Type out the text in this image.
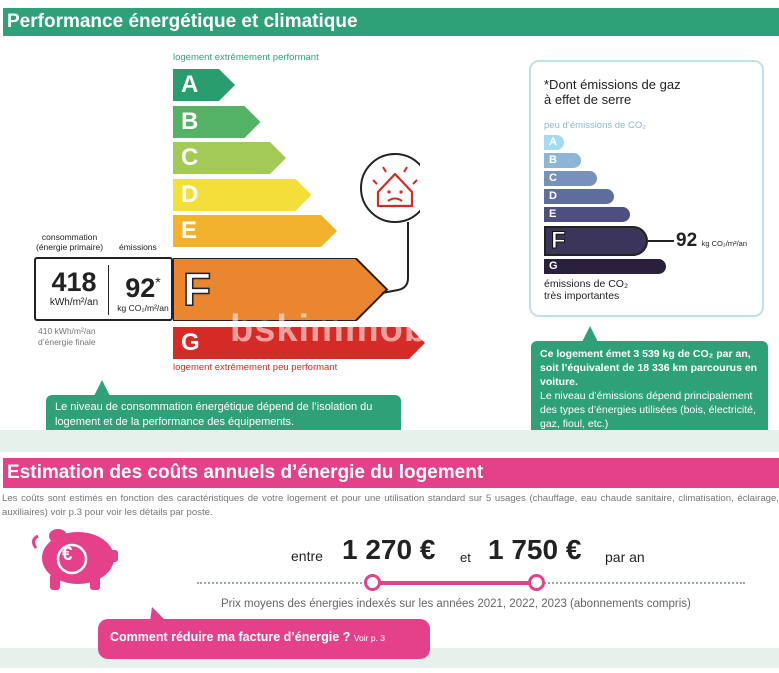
Performance énergétique et climatique
logement extrêmement performant
A
B
C
D
E
F
G
logement extrêmement peu performant
consommation
(énergie primaire) émissions
418
kWh/m²/an	92*
kg CO₂/m²/an
410 kWh/m²/an
d’énergie finale	bskimmobilier
Le niveau de consommation énergétique dépend de l’isolation du logement et de la performance des équipements.

*Dont émissions de gaz
à effet de serre
peu d’émissions de CO₂
A
B
C
D
E
F
G
92 kg CO₂/m²/an
émissions de CO₂
très importantes
Ce logement émet 3 539 kg de CO₂ par an, soit l’équivalent de 18 336 km parcourus en voiture.
Le niveau d’émissions dépend principalement des types d’énergies utilisées (bois, électricité, gaz, fioul, etc.)
Estimation des coûts annuels d’énergie du logement
Les coûts sont estimés en fonction des caractéristiques de votre logement et pour une utilisation standard sur 5 usages (chauffage, eau chaude sanitaire, climatisation, éclairage, auxiliaires) voir p.3 pour voir les détails par poste.
€	entre 1 270 € et 1 750 € par an
Prix moyens des énergies indexés sur les années 2021, 2022, 2023 (abonnements compris)
Comment réduire ma facture d’énergie ? Voir p. 3
